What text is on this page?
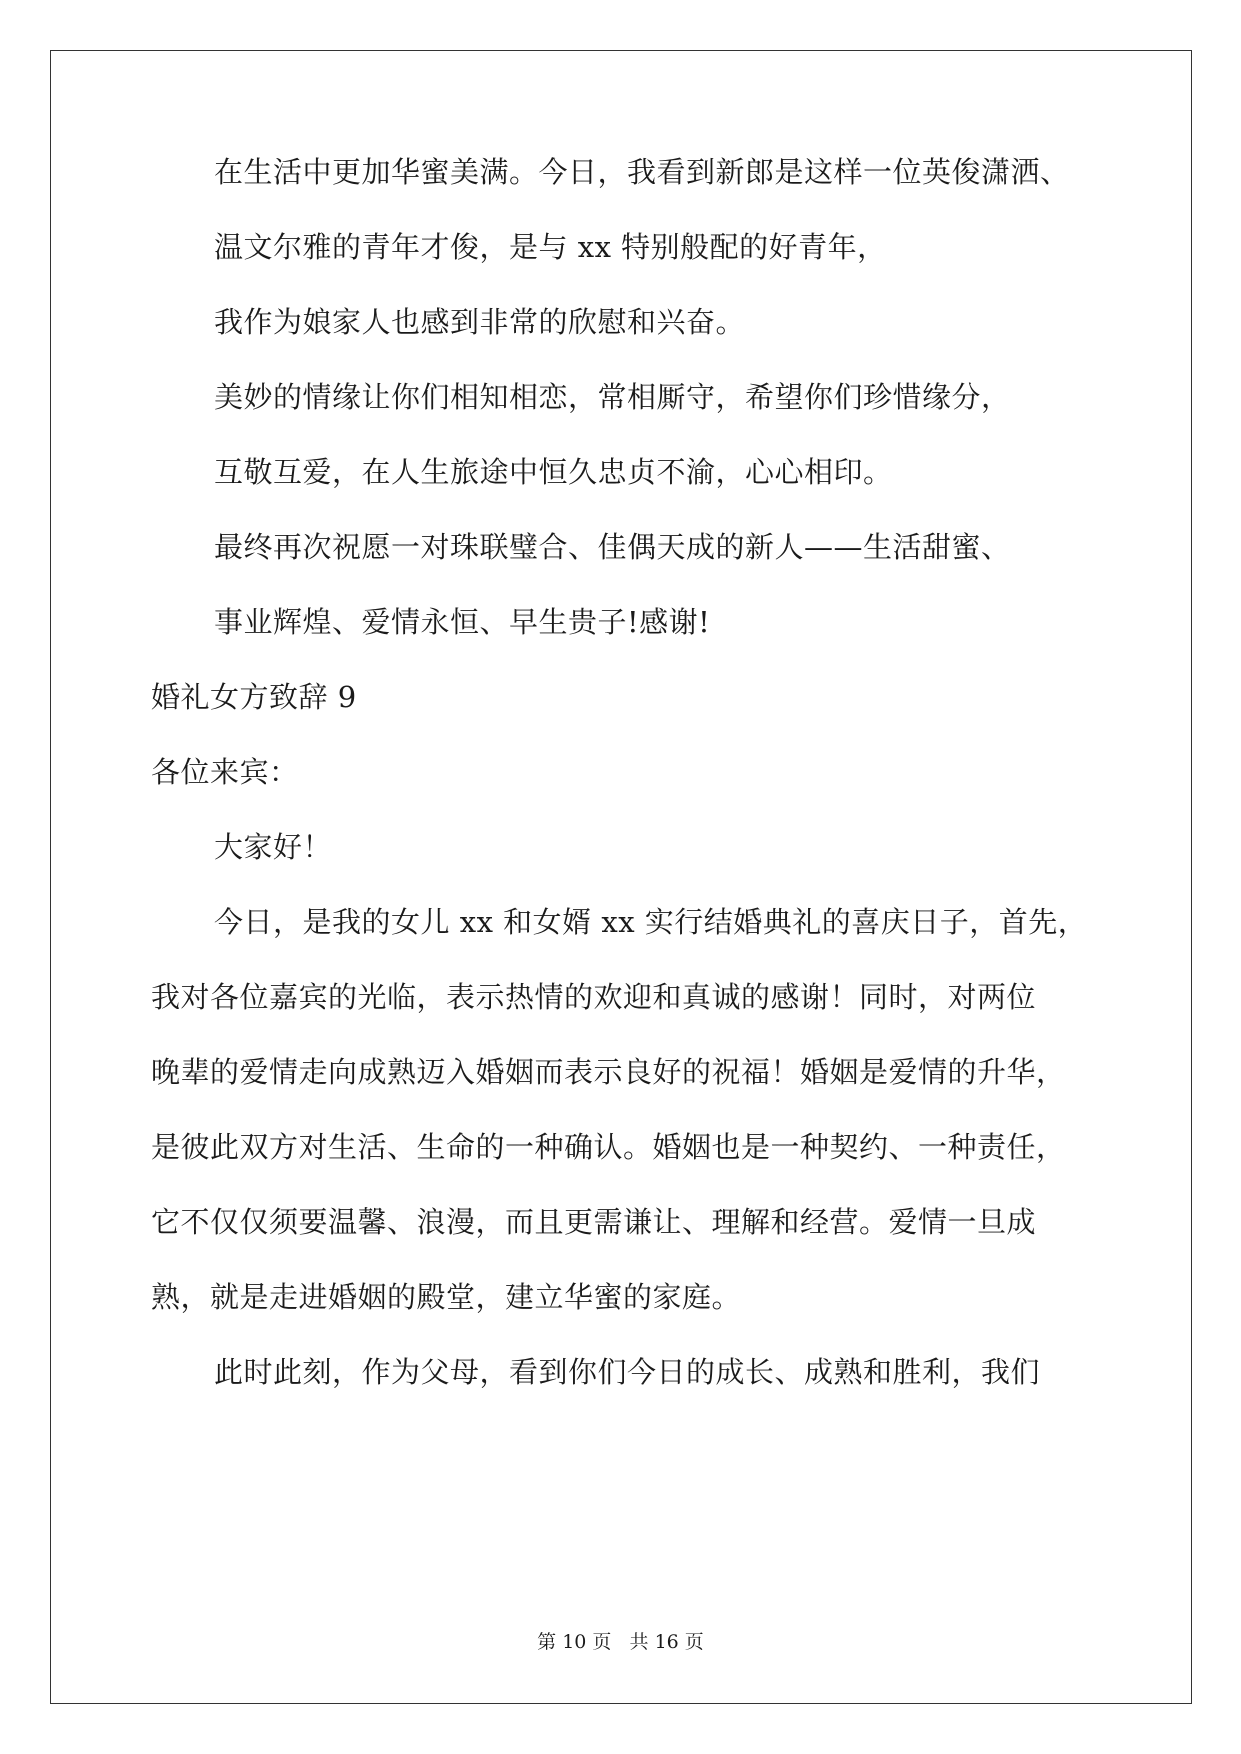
在生活中更加华蜜美满。今日，我看到新郎是这样一位英俊潇洒、
温文尔雅的青年才俊，是与 xx 特别般配的好青年，
我作为娘家人也感到非常的欣慰和兴奋。
美妙的情缘让你们相知相恋，常相厮守，希望你们珍惜缘分，
互敬互爱，在人生旅途中恒久忠贞不渝，心心相印。
最终再次祝愿一对珠联璧合、佳偶天成的新人——生活甜蜜、
事业辉煌、爱情永恒、早生贵子!感谢!
婚礼女方致辞 9
各位来宾：
大家好！
今日，是我的女儿 xx 和女婿 xx 实行结婚典礼的喜庆日子，首先，
我对各位嘉宾的光临，表示热情的欢迎和真诚的感谢！同时，对两位
晚辈的爱情走向成熟迈入婚姻而表示良好的祝福！婚姻是爱情的升华，
是彼此双方对生活、生命的一种确认。婚姻也是一种契约、一种责任，
它不仅仅须要温馨、浪漫，而且更需谦让、理解和经营。爱情一旦成
熟，就是走进婚姻的殿堂，建立华蜜的家庭。
此时此刻，作为父母，看到你们今日的成长、成熟和胜利，我们
第 10 页   共 16 页
